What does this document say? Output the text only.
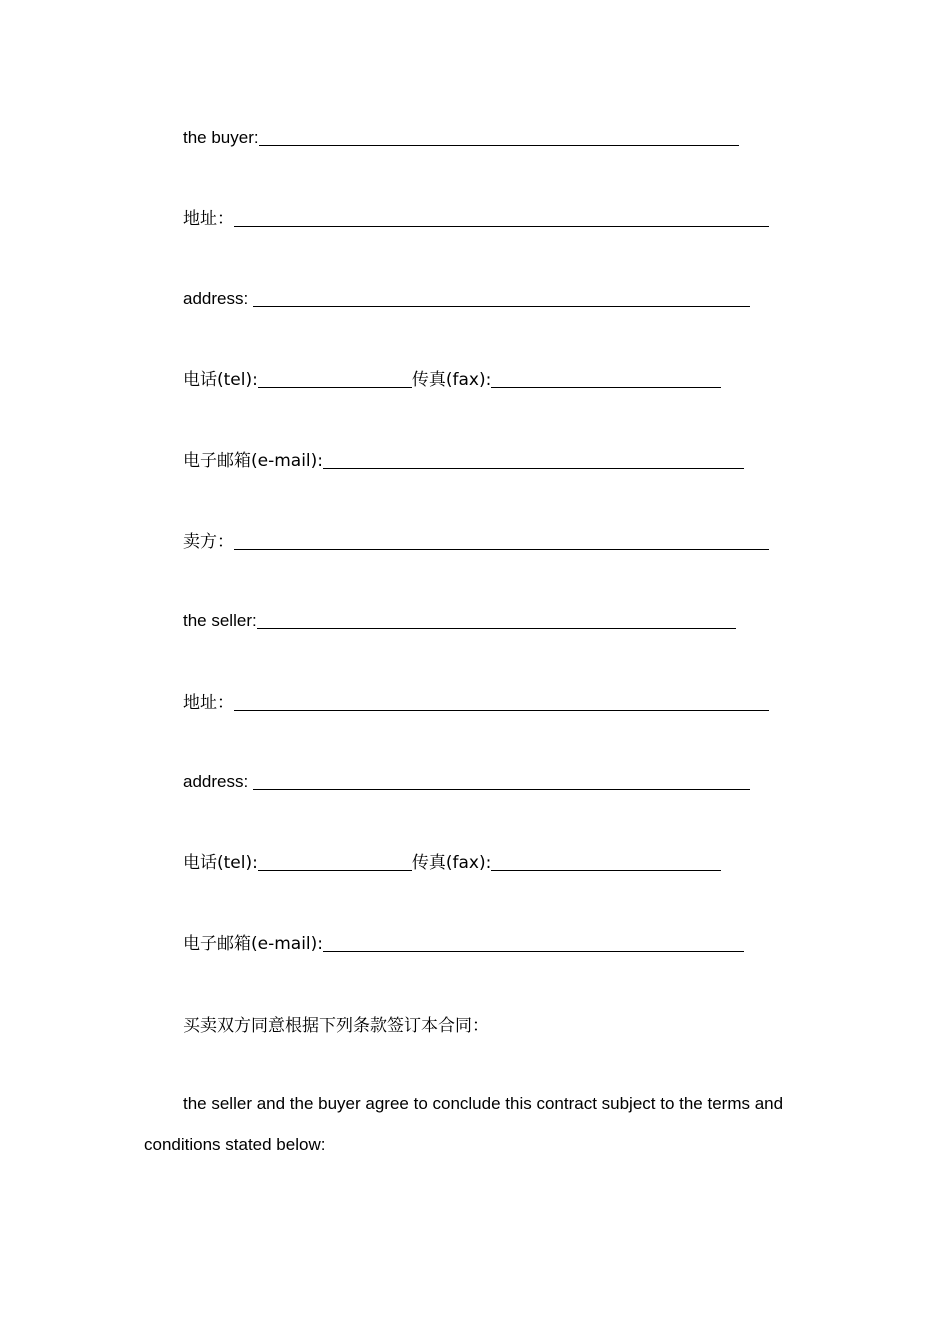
the buyer:
地址：
address:
电话(tel):	传真(fax):
电子邮箱(e-mail):
卖方：
the seller:
地址：
address:
电话(tel):	传真(fax):
电子邮箱(e-mail):
买卖双方同意根据下列条款签订本合同：
the seller and the buyer agree to conclude this contract subject to the terms and conditions stated below:
